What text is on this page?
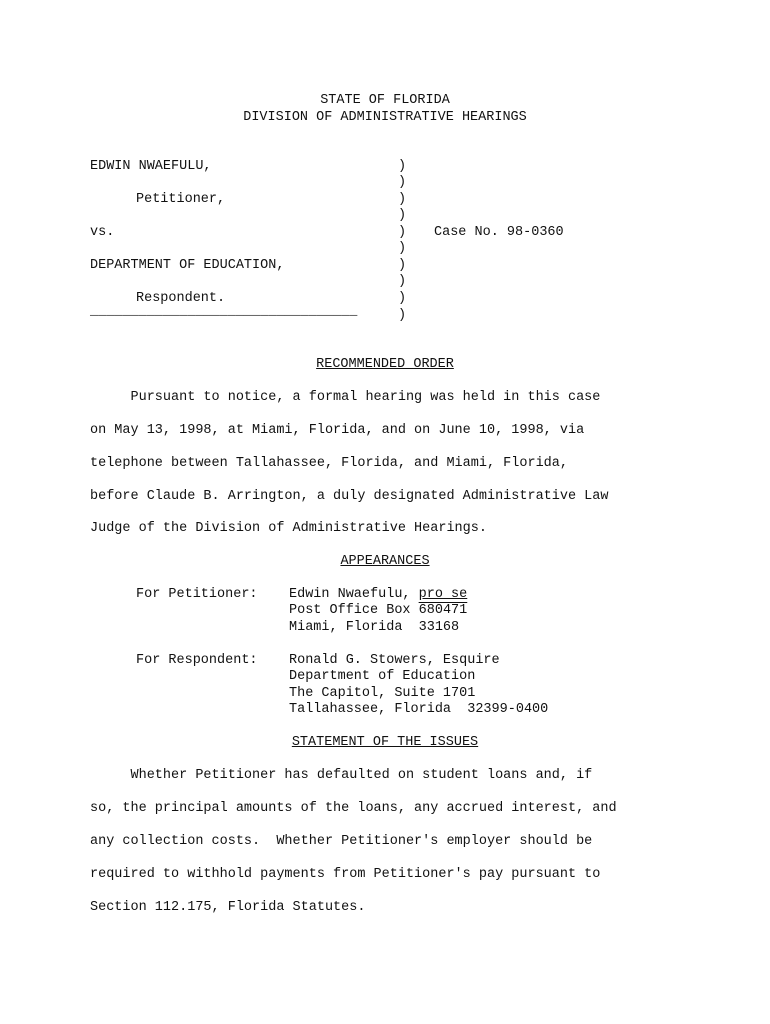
STATE OF FLORIDA
DIVISION OF ADMINISTRATIVE HEARINGS
EDWIN NWAEFULU,
Petitioner,
vs.
DEPARTMENT OF EDUCATION,
Respondent.
_________________________________
)
)
)
)
)
)
)
)
)
)
Case No. 98-0360
RECOMMENDED ORDER
Pursuant to notice, a formal hearing was held in this case
on May 13, 1998, at Miami, Florida, and on June 10, 1998, via
telephone between Tallahassee, Florida, and Miami, Florida,
before Claude B. Arrington, a duly designated Administrative Law
Judge of the Division of Administrative Hearings.
APPEARANCES
For Petitioner: Edwin Nwaefulu, pro se
Post Office Box 680471
Miami, Florida  33168
For Respondent: Ronald G. Stowers, Esquire
Department of Education
The Capitol, Suite 1701
Tallahassee, Florida  32399-0400
STATEMENT OF THE ISSUES
Whether Petitioner has defaulted on student loans and, if
so, the principal amounts of the loans, any accrued interest, and
any collection costs.  Whether Petitioner's employer should be
required to withhold payments from Petitioner's pay pursuant to
Section 112.175, Florida Statutes.
